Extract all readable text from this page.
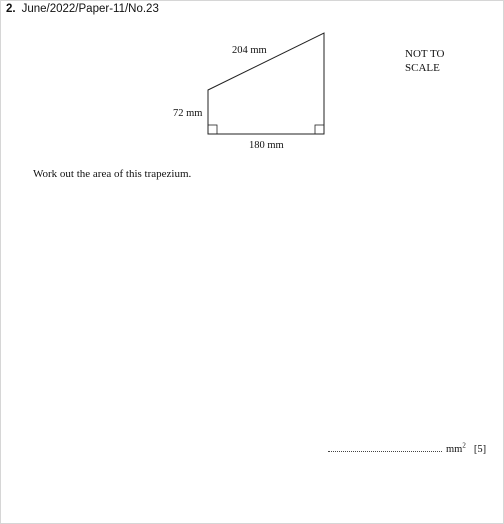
2. June/2022/Paper-11/No.23
204 mm
72 mm
180 mm
NOT TO
SCALE
Work out the area of this trapezium.
$mm^2$ [5]
